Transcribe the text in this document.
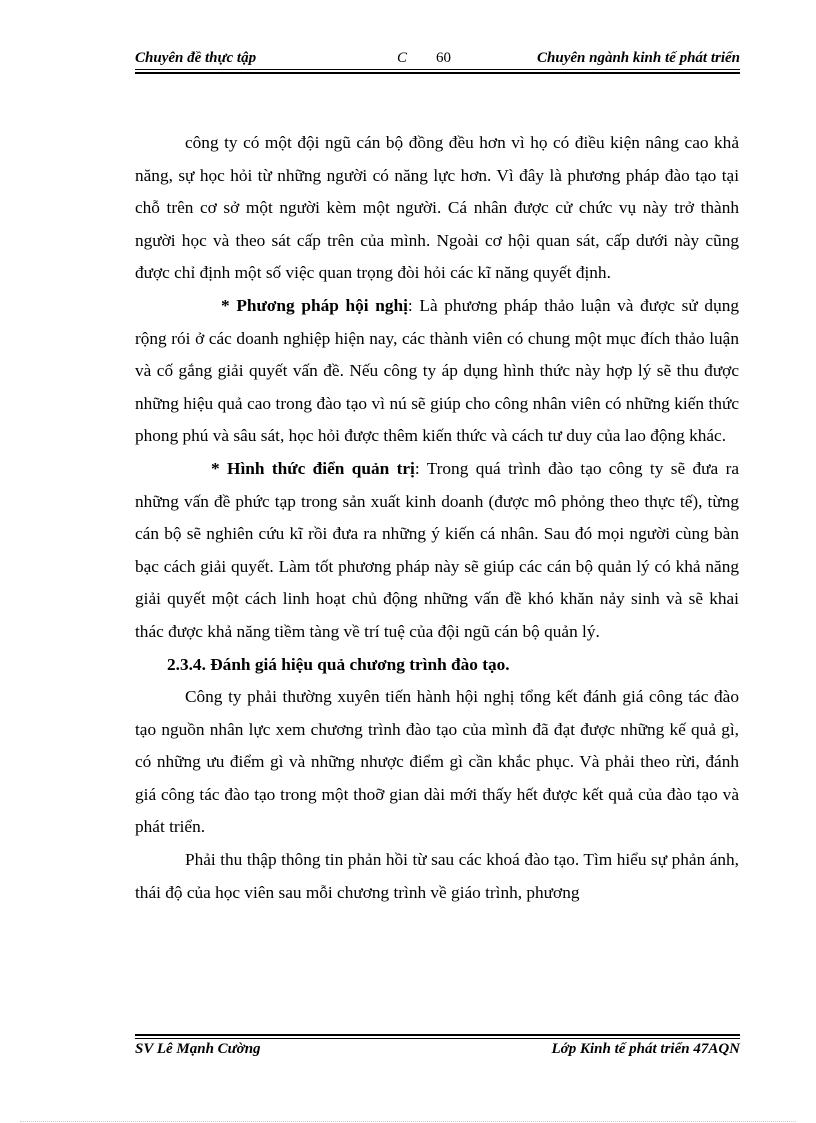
Chuyên đề thực tập	C 60	Chuyên ngành kinh tế phát triển

công ty có một đội ngũ cán bộ đồng đều hơn vì họ có điều kiện nâng cao khả năng, sự học hỏi từ những người có năng lực hơn. Vì đây là phương pháp đào tạo tại chỗ trên cơ sở một người kèm một người. Cá nhân được cử chức vụ này trở thành người học và theo sát cấp trên của mình. Ngoài cơ hội quan sát, cấp dưới này cũng được chỉ định một số việc quan trọng đòi hỏi các kĩ năng quyết định.

* Phương pháp hội nghị: Là phương pháp thảo luận và được sử dụng rộng rói ở các doanh nghiệp hiện nay, các thành viên có chung một mục đích thảo luận và cố gắng giải quyết vấn đề. Nếu công ty áp dụng hình thức này hợp lý sẽ thu được những hiệu quả cao trong đào tạo vì nú sẽ giúp cho công nhân viên có những kiến thức phong phú và sâu sát, học hỏi được thêm kiến thức và cách tư duy của lao động khác.

* Hình thức điển quản trị: Trong quá trình đào tạo công ty sẽ đưa ra những vấn đề phức tạp trong sản xuất kinh doanh (được mô phỏng theo thực tế), từng cán bộ sẽ nghiên cứu kĩ rồi đưa ra những ý kiến cá nhân. Sau đó mọi người cùng bàn bạc cách giải quyết. Làm tốt phương pháp này sẽ giúp các cán bộ quản lý có khả năng giải quyết một cách linh hoạt chủ động những vấn đề khó khăn nảy sinh và sẽ khai thác được khả năng tiềm tàng về trí tuệ của đội ngũ cán bộ quản lý.

2.3.4. Đánh giá hiệu quả chương trình đào tạo.

Công ty phải thường xuyên tiến hành hội nghị tổng kết đánh giá công tác đào tạo nguồn nhân lực xem chương trình đào tạo của mình đã đạt được những kế quả gì, có những ưu điểm gì và những nhược điểm gì cần khắc phục. Và phải theo rừi, đánh giá công tác đào tạo trong một thoỡ gian dài mới thấy hết được kết quả của đào tạo và phát triển.

Phải thu thập thông tin phản hồi từ sau các khoá đào tạo. Tìm hiểu sự phản ánh, thái độ của học viên sau mỗi chương trình về giáo trình, phương

SV Lê Mạnh Cường	Lớp Kinh tế phát triển 47AQN
